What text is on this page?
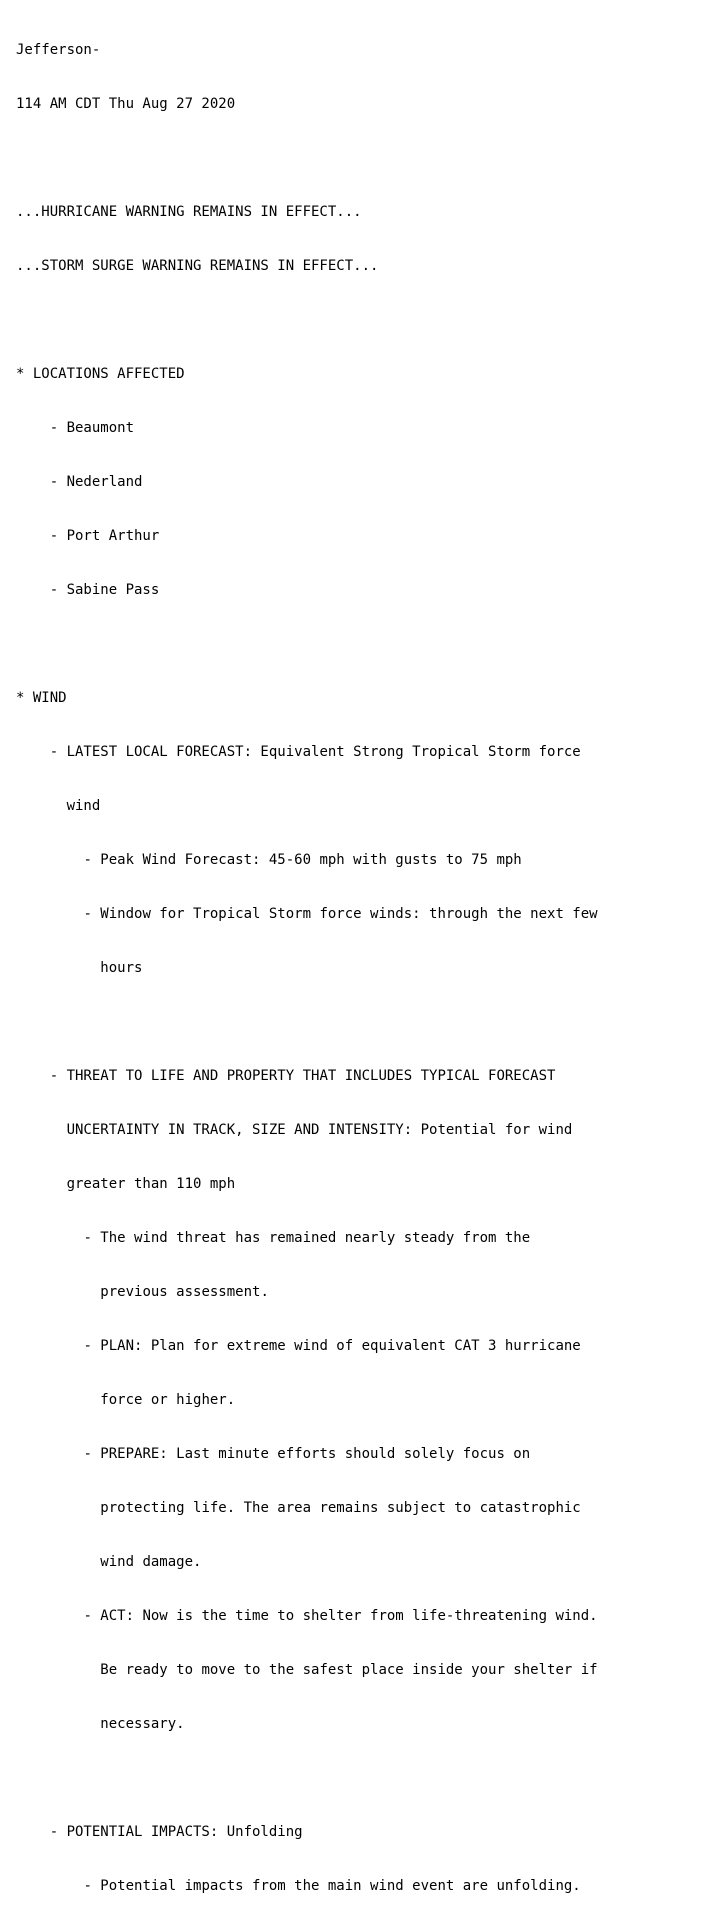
Jefferson-

114 AM CDT Thu Aug 27 2020

...HURRICANE WARNING REMAINS IN EFFECT...

...STORM SURGE WARNING REMAINS IN EFFECT...

* LOCATIONS AFFECTED

- Beaumont

- Nederland

- Port Arthur

- Sabine Pass

* WIND

- LATEST LOCAL FORECAST: Equivalent Strong Tropical Storm force

wind

- Peak Wind Forecast: 45-60 mph with gusts to 75 mph

- Window for Tropical Storm force winds: through the next few

hours

- THREAT TO LIFE AND PROPERTY THAT INCLUDES TYPICAL FORECAST

UNCERTAINTY IN TRACK, SIZE AND INTENSITY: Potential for wind

greater than 110 mph

- The wind threat has remained nearly steady from the

previous assessment.

- PLAN: Plan for extreme wind of equivalent CAT 3 hurricane

force or higher.

- PREPARE: Last minute efforts should solely focus on

protecting life. The area remains subject to catastrophic

wind damage.

- ACT: Now is the time to shelter from life-threatening wind.

Be ready to move to the safest place inside your shelter if

necessary.

- POTENTIAL IMPACTS: Unfolding

- Potential impacts from the main wind event are unfolding.
